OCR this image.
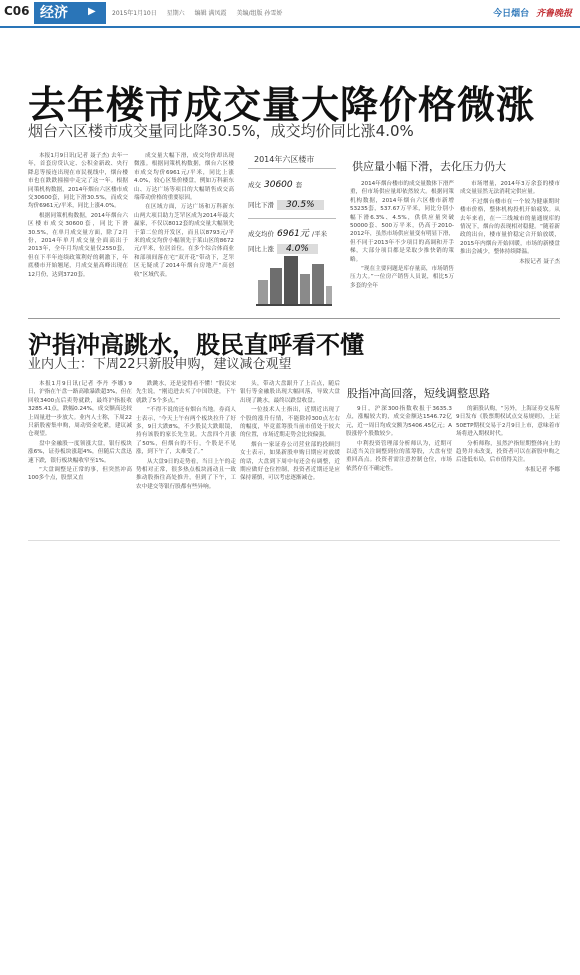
C06 经济	▶	2015年1月10日 星期六 编辑 满凤霞 美编/组版 孙雪娇	今日烟台 齐鲁晚报
去年楼市成交量大降价格微涨
烟台六区楼市成交量同比降30.5%，成交均价同比涨4.0%

本报1月9日讯(记者 聂子杰) 去年一年，首套房贷认定、公积金新政、央行降息等接连出现在市民视线中，烟台楼市也在跌跌撞撞中走完了这一年。根据同策机构数据，2014年烟台六区楼市成交30600套，同比下滑30.5%，而成交均价6961元/平米，同比上涨4.0%。

根据同策机构数据，2014年烟台六区楼市成交30600套，同比下滑30.5%，在单月成交量方面，除了2月份，2014年单月成交量全面高出于2013年，全年月均成交量仅2550套，但在下半年连续政策利好的刺激下，年底楼市开始翘尾，月成交量高峰出现在12月份，达到3720套。

成交量大幅下滑，成交均价却出现微涨。根据同策机构数据，烟台六区楼市成交均价6961元/平米，同比上涨4.0%，较心区集价楼盘，例如万科新东山、万达广场等项目的大幅销售成交高端带动价格的重要原因。

在区域方面，万达广场和万科新东山两大项目助力芝罘区成为2014年最大赢家，不仅以8012套的成交量大幅领先于第二位的开发区，而且以8793元/平米的成交均价小幅领先于莱山区的8672元/平米，位居首位。在多个综合体商业和部项间落在宅“双开花”带动下，芝罘区无疑成了2014年烟台房地产“高创收”区域代表。

2014年六区楼市
成交 30600 套
同比下滑 30.5%
成交均价 6961元 /平米
同比上涨 4.0%
供应量小幅下滑，去化压力仍大

2014年烟台楼市的成交量数体下滑严重，但市场供应量却依然较大。根据同策机构数据，2014年烟台六区楼市新增53235套，537.67万平米，同比分别小幅下滑6.3%、4.5%，供供应量突破50000套、500万平米，仍高于2010-2012年，虽然市场供应量变有明显下滑，但不同于2013年不少项目的高调和开手梯，大部分项目都是采取少推快销的策略。

“现在主要问题是库存量高，市场销售压力大。”一位房产销售人员说，相比5万多套的全年

市场增量，2014年3万余套的楼市成交量显然无法消耗完供应量。

不过烟台楼市在一个较为健康期时楼市价格，整体机构投机开始疲软。从去年来看，在一三线城市的量通规库的情况下，烟台的表现相对稳健。“随着新政的出台，楼市量价稳定合开始放缓，2015年内烟台开始回暖，市场的新楼盘推出会减少，整体持续降温。

本报记者 聂子杰

沪指冲高跳水，股民直呼看不懂
业内人士：下周22只新股申购，建议减仓观望

本报1月9日讯(记者 李丹 李娜) 9日，沪指在午盘一路高歇暴跌超3%，但在回收3400点后卖势就跌，最终沪指报收3285.41点，跌幅0.24%，成交额高达较上周量进一步放大。业内人士称，下周22只新股密集申购，周动资金吃紧，建议减仓观望。

盘中金融股一度领涨大盘，银行板块涨6%，证券板块涨超4%，但随后大盘迅速下跌，银行板块幅收窄至1%。

“大盘调整是正常的事，但突然冲高100多个点，股票又直

跌跳水，还是觉得看不懂！”股民宋先生说，“刚追进去买了中国铁建，下午就跌了5个多点。”

“不得不说的还有烟台当地。券商人士表示，‘今天上午有两个板块拉升了好多，9日大跌8%，不少股民大跌眼镜，持有该股的家长先生说。大盘四个月涨了50%，但烟台的不行，个股是不见涨，到下午了，太难受了。”

从大盘9日的走势看，当日上午的走势相对正常，很多热点板块涌动且一致推动股指往高处推升，但到了下午，工农中建交等银行股都有些异响。

头，带动大盘跟升了上百点，随后银行等金融股出现大幅回落，导致大盘出现了跳水，最终以跌盘收盘。

一位技术人士指出，近期近出现了个股的涨升行情，不能除掉300点左右的幅度，毕竟蓝筹股当前市值处于较大的位置，市场近期走势会比较偏强。

烟台一家证券公司营业部的投顾闫女士表示，如果新股申购日期应对放缓的话，大盘到下周中旬还会有调整，近期应做好仓位控制，投资者近期还是应保持谨慎，可以考虑逐渐减仓。

股指冲高回落，短线调整思路

9日，沪深300指数收报于3635.3点，涨幅较大的，成交金额达1546.72亿元，近一周日均成交额为5406.45亿元；A股涨停个股数较少。

中利投资管理部分析师认为，近期可以适当关注调整到位的蓝筹股，大盘有望重回高点。投资者需注意控制仓位，市场依然存在不确定性。

的新股认购，“另外，上海证券交易所9日发布《股票期权试点交易规则》，上证50ETP期权交易于2月9日上市，意味着市场将进入期权时代。

分析师称，虽然沪指短期整体向上的趋势并未改变，投资者可以在新股申购之后逢低布局，后市值得关注。

本报记者 李娜
